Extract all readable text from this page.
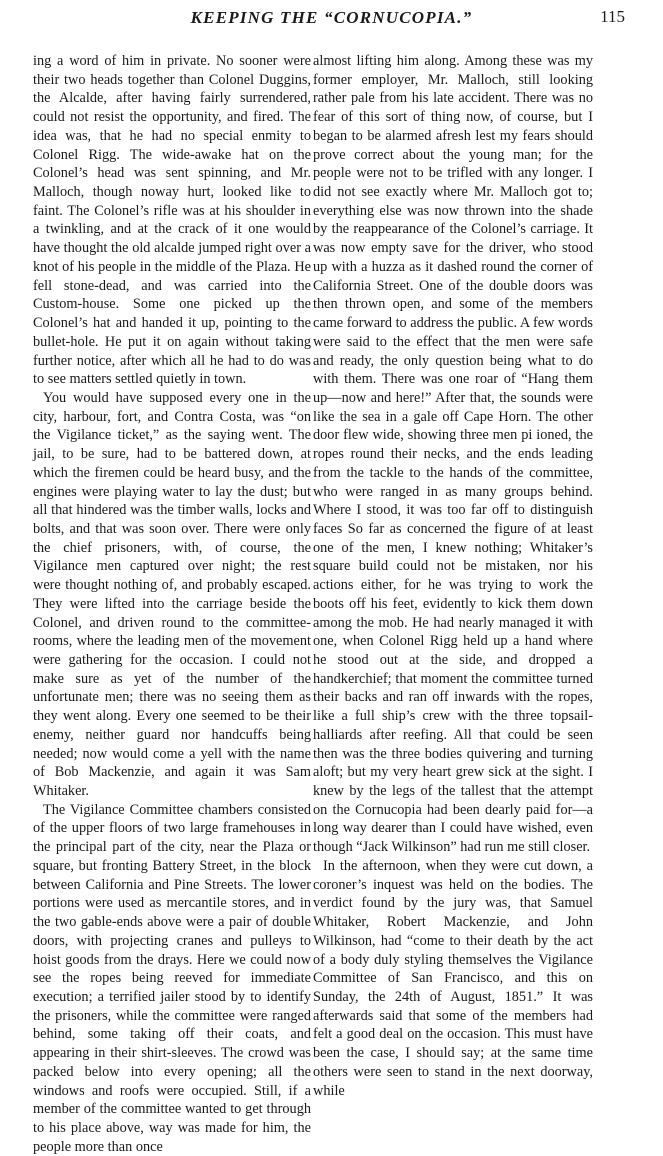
KEEPING THE “CORNUCOPIA.”	115

ing a word of him in private. No sooner were their two heads together than Colonel Duggins, the Alcalde, after having fairly surrendered, could not resist the opportunity, and fired. The idea was, that he had no special enmity to Colonel Rigg. The wide-awake hat on the Colonel’s head was sent spinning, and Mr. Malloch, though noway hurt, looked like to faint. The Colonel’s rifle was at his shoulder in a twinkling, and at the crack of it one would have thought the old alcalde jumped right over a knot of his people in the middle of the Plaza. He fell stone-dead, and was carried into the Custom-house. Some one picked up the Colonel’s hat and handed it up, pointing to the bullet-hole. He put it on again without taking further notice, after which all he had to do was to see matters settled quietly in town.

You would have supposed every one in the city, harbour, fort, and Contra Costa, was “on the Vigilance ticket,” as the saying went. The jail, to be sure, had to be battered down, at which the firemen could be heard busy, and the engines were playing water to lay the dust; but all that hindered was the timber walls, locks and bolts, and that was soon over. There were only the chief prisoners, with, of course, the Vigilance men captured over night; the rest were thought nothing of, and probably escaped. They were lifted into the carriage beside the Colonel, and driven round to the committee-rooms, where the leading men of the movement were gathering for the occasion. I could not make sure as yet of the number of the unfortunate men; there was no seeing them as they went along. Every one seemed to be their enemy, neither guard nor handcuffs being needed; now would come a yell with the name of Bob Mackenzie, and again it was Sam Whitaker.

The Vigilance Committee chambers consisted of the upper floors of two large framehouses in the principal part of the city, near the Plaza or square, but fronting Battery Street, in the block between California and Pine Streets. The lower portions were used as mercantile stores, and in the two gable-ends above were a pair of double doors, with projecting cranes and pulleys to hoist goods from the drays. Here we could now see the ropes being reeved for immediate execution; a terrified jailer stood by to identify the prisoners, while the committee were ranged behind, some taking off their coats, and appearing in their shirt-sleeves. The crowd was packed below into every opening; all the windows and roofs were occupied. Still, if a member of the committee wanted to get through to his place above, way was made for him, the people more than once

almost lifting him along. Among these was my former employer, Mr. Malloch, still looking rather pale from his late accident. There was no fear of this sort of thing now, of course, but I began to be alarmed afresh lest my fears should prove correct about the young man; for the people were not to be trifled with any longer. I did not see exactly where Mr. Malloch got to; everything else was now thrown into the shade by the reappearance of the Colonel’s carriage. It was now empty save for the driver, who stood up with a huzza as it dashed round the corner of California Street. One of the double doors was then thrown open, and some of the members came forward to address the public. A few words were said to the effect that the men were safe and ready, the only question being what to do with them. There was one roar of “Hang them up—now and here!” After that, the sounds were like the sea in a gale off Cape Horn. The other door flew wide, showing three men pi ioned, the ropes round their necks, and the ends leading from the tackle to the hands of the committee, who were ranged in as many groups behind. Where I stood, it was too far off to distinguish faces So far as concerned the figure of at least one of the men, I knew nothing; Whitaker’s square build could not be mistaken, nor his actions either, for he was trying to work the boots off his feet, evidently to kick them down among the mob. He had nearly managed it with one, when Colonel Rigg held up a hand where he stood out at the side, and dropped a handkerchief; that moment the committee turned their backs and ran off inwards with the ropes, like a full ship’s crew with the three topsail-halliards after reefing. All that could be seen then was the three bodies quivering and turning aloft; but my very heart grew sick at the sight. I knew by the legs of the tallest that the attempt on the Cornucopia had been dearly paid for—a long way dearer than I could have wished, even though “Jack Wilkinson” had run me still closer.

In the afternoon, when they were cut down, a coroner’s inquest was held on the bodies. The verdict found by the jury was, that Samuel Whitaker, Robert Mackenzie, and John Wilkinson, had “come to their death by the act of a body duly styling themselves the Vigilance Committee of San Francisco, and this on Sunday, the 24th of August, 1851.” It was afterwards said that some of the members had felt a good deal on the occasion. This must have been the case, I should say; at the same time others were seen to stand in the next doorway, while
